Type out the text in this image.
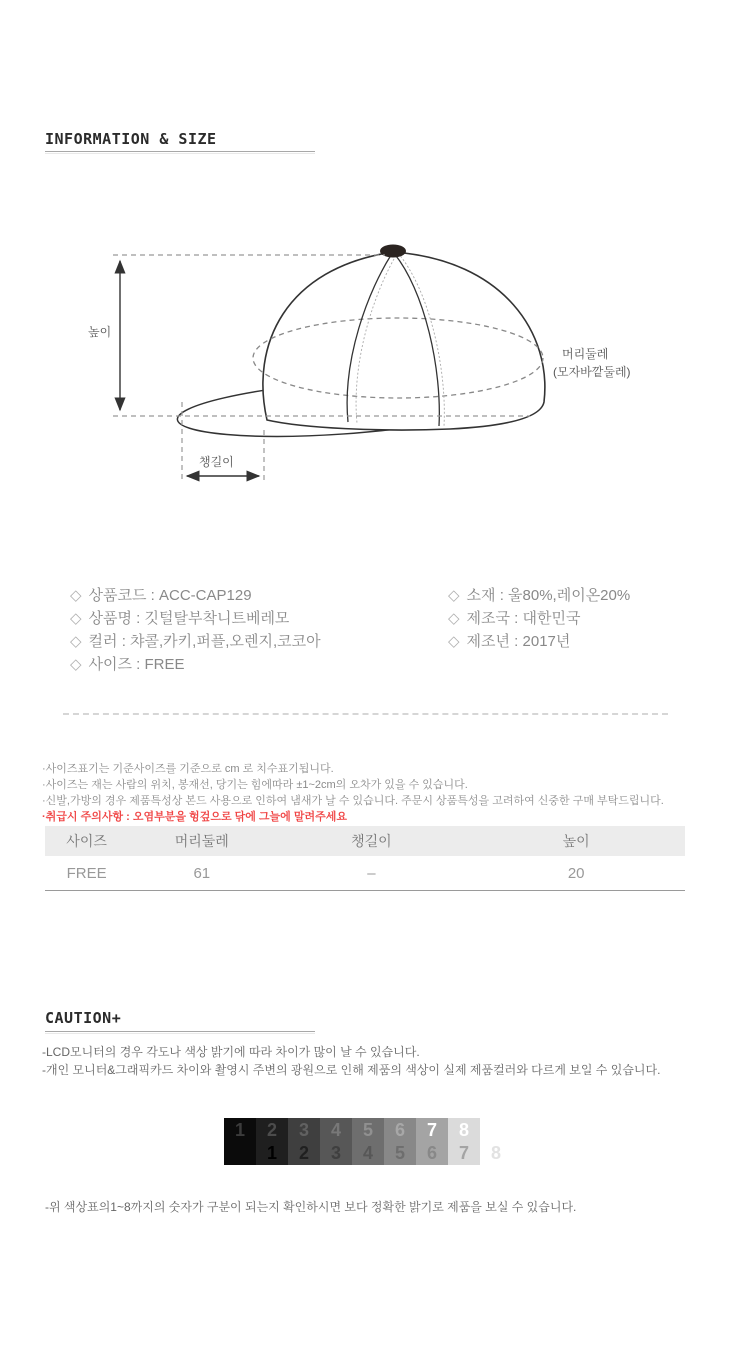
INFORMATION & SIZE
높이
챙길이
머리둘레
(모자바깥둘레)
◇ 상품코드 : ACC-CAP129
◇ 상품명 : 깃털탈부착니트베레모
◇ 컬러 : 챠콜,카키,퍼플,오렌지,코코아
◇ 사이즈 : FREE
◇ 소재 : 울80%,레이온20%
◇ 제조국 : 대한민국
◇ 제조년 : 2017년
·사이즈표기는 기준사이즈를 기준으로 cm 로 치수표기됩니다.
·사이즈는 재는 사람의 위치, 봉재선, 당기는 힘에따라 ±1~2cm의 오차가 있을 수 있습니다.
·신발,가방의 경우 제품특성상 본드 사용으로 인하여 냄새가 날 수 있습니다. 주문시 상품특성을 고려하여 신중한 구매 부탁드립니다.
·취급시 주의사항 : 오염부분을 헝겊으로 닦에 그늘에 말려주세요
사이즈	머리둘레	챙길이	높이
FREE	61	–	20
CAUTION+
-LCD모니터의 경우 각도나 색상 밝기에 따라 차이가 많이 날 수 있습니다.
-개인 모니터&그래픽카드 차이와 촬영시 주변의 광원으로 인해 제품의 색상이 실제 제품컬러와 다르게 보일 수 있습니다.
1	2
1
3
2
4
3
5
4
6
5
7
6
8
7	8
-위 색상표의1~8까지의 숫자가 구분이 되는지 확인하시면 보다 정확한 밝기로 제품을 보실 수 있습니다.
